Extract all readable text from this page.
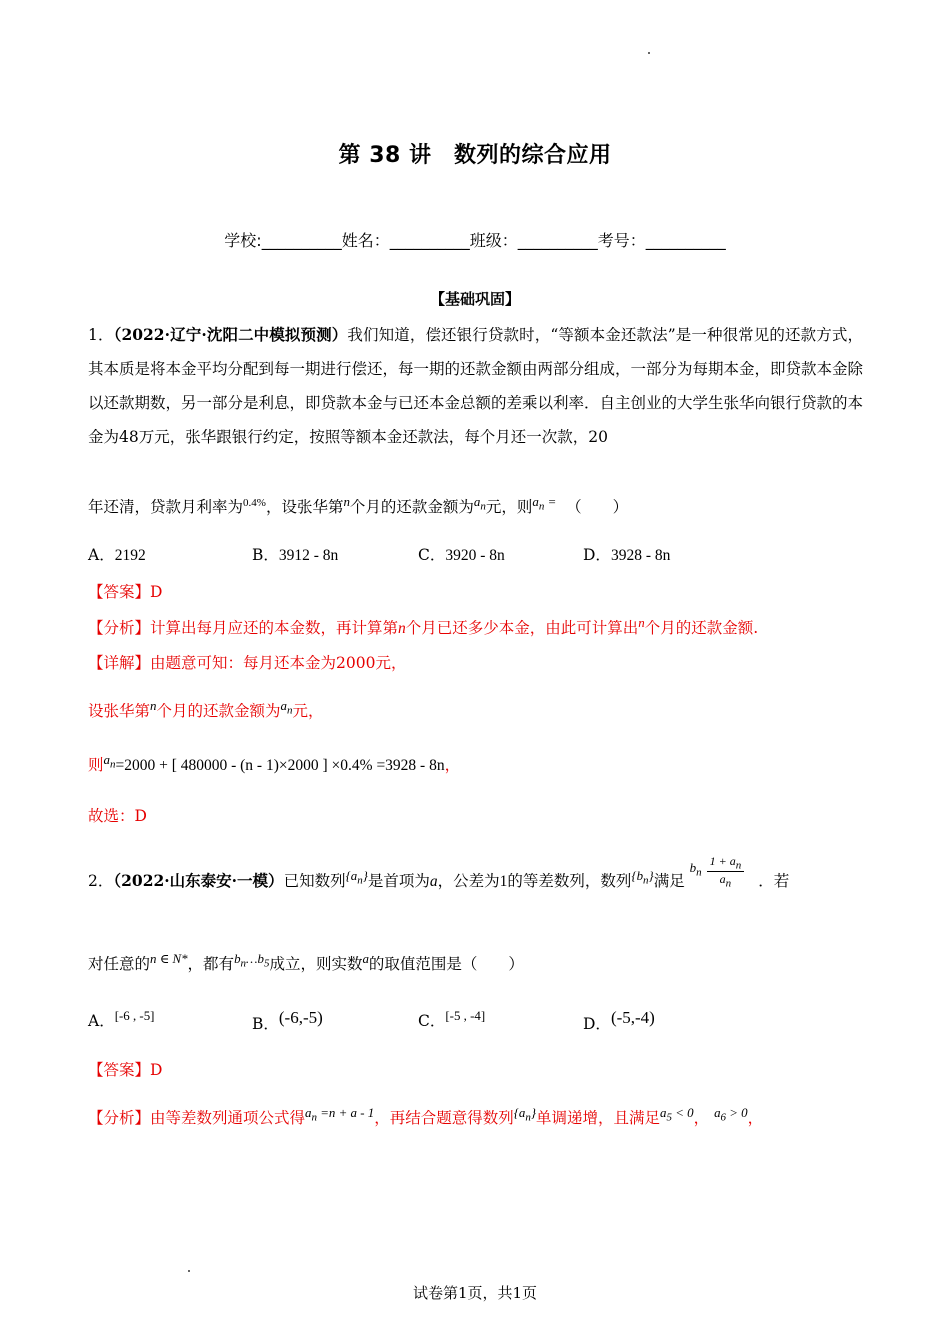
第 38 讲　数列的综合应用
学校:__________姓名：__________班级：__________考号：__________
【基础巩固】
1．（2022·辽宁·沈阳二中模拟预测）我们知道，偿还银行贷款时，“等额本金还款法”是一种很常见的还款方式，其本质是将本金平均分配到每一期进行偿还，每一期的还款金额由两部分组成，一部分为每期本金，即贷款本金除以还款期数，另一部分是利息，即贷款本金与已还本金总额的差乘以利率．自主创业的大学生张华向银行贷款的本金为48万元，张华跟银行约定，按照等额本金还款法，每个月还一次款，20
年还清，贷款月利率为$^{0.4\%}$，设张华第$^n$个月的还款金额为$^{a_n}$元，则$^{a_n =}$ （　　）
A．2192	B．3912 - 8n	C．3920 - 8n	D．3928 - 8n
【答案】D
【分析】计算出每月应还的本金数，再计算第n个月已还多少本金，由此可计算出$^n$个月的还款金额.
【详解】由题意可知：每月还本金为2000元，
设张华第$^n$个月的还款金额为$^{a_n}$元，
则$^{a_n}$=2000 + [ 480000 - (n - 1)×2000 ] ×0.4% =3928 - 8n，
故选：D
2．（2022·山东泰安·一模）已知数列$^{\{a_n\}}$是首项为a，公差为1的等差数列，数列$^{\{b_n\}}$满足 $^{b_n} \frac{1 + a_n}{a_n}$ ．若
对任意的$^{n \in N*}$，都有$^{b_n\dots b_5}$成立，则实数$^a$的取值范围是（　　）
A．[-6 , -5]	B．$^{(-6,-5)}$	C．[-5 , -4]	D．$^{(-5,-4)}$
【答案】D
【分析】由等差数列通项公式得$^{a_n =n + a - 1}$，再结合题意得数列$^{\{a_n\}}$单调递增，且满足$^{a_5 < 0}$， $^{a_6 > 0}$，
试卷第1页，共1页
